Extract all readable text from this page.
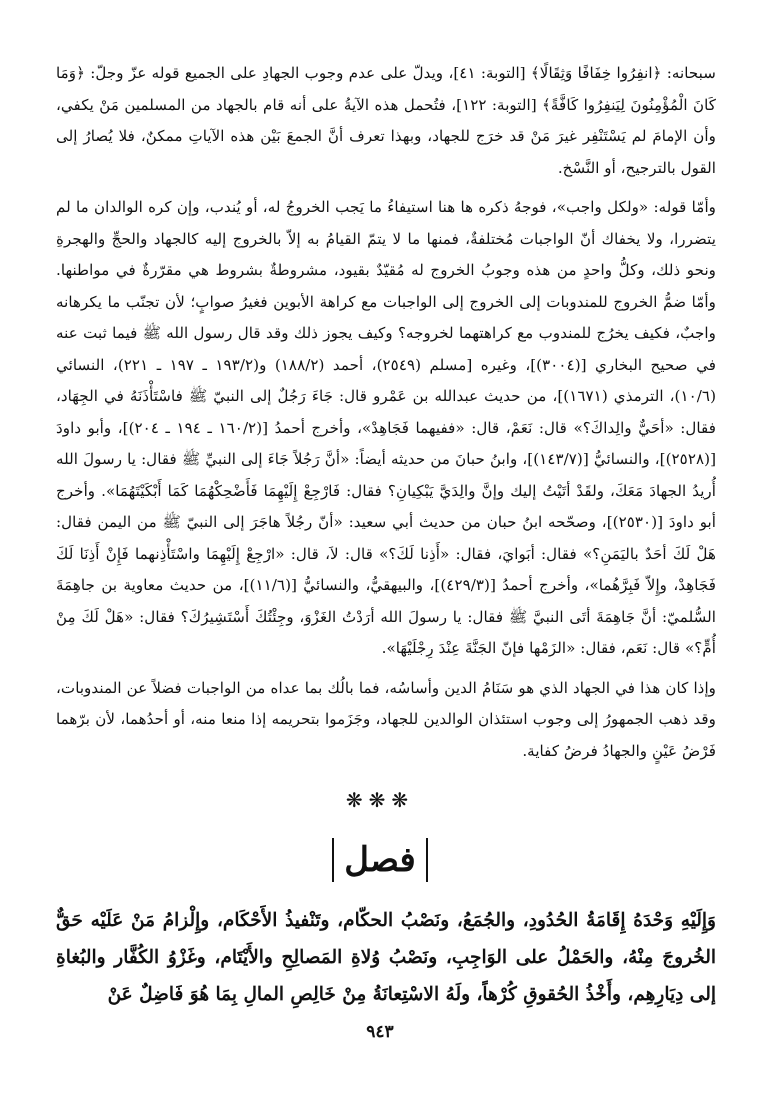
سبحانه: ﴿انفِرُوا خِفَافًا وَثِقَالًا﴾ [التوبة: ٤١]، ويدلّ على عدم وجوب الجهادِ على الجميع قوله عزّ وجلّ: ﴿وَمَا كَانَ الْمُؤْمِنُونَ لِيَنفِرُوا كَافَّةً﴾ [التوبة: ١٢٢]، فتُحمل هذه الآيةُ على أنه قام بالجهاد من المسلمين مَنْ يكفي، وأن الإمامَ لم يَسْتَنْفِر غيرَ مَنْ قد خرَج للجهاد، وبهذا تعرف أنَّ الجمعَ بَيْن هذه الآياتِ ممكنٌ، فلا يُصارُ إلى القول بالترجيح، أو النَّسْخ.

وأمّا قوله: «ولكل واجب»، فوجهُ ذكره ها هنا استيفاءُ ما يَجب الخروجُ له، أو يُندب، وإن كره الوالدان ما لم يتضررا، ولا يخفاك أنّ الواجبات مُختلفةٌ، فمنها ما لا يتمّ القيامُ به إلاّ بالخروج إليه كالجهاد والحجِّ والهجرةِ ونحو ذلك، وكلُّ واحدٍ من هذه وجوبُ الخروج له مُقيّدٌ بقيود، مشروطةٌ بشروط هي مقرّرةٌ في مواطنها. وأمّا ضمُّ الخروج للمندوبات إلى الخروج إلى الواجبات مع كراهة الأبوين فغيرُ صوابٍ؛ لأن تجنّب ما يكرهانه واجبٌ، فكيف يخرُج للمندوب مع كراهتهما لخروجه؟ وكيف يجوز ذلك وقد قال رسول الله ﷺ فيما ثبت عنه في صحيح البخاري [(٣٠٠٤)]، وغيره [مسلم (٢٥٤٩)، أحمد (١٨٨/٢) و(١٩٣/٢ ـ ١٩٧ ـ ٢٢١)، النسائي (١٠/٦)، الترمذي (١٦٧١)]، من حديث عبدالله بن عَمْرو قال: جَاءَ رَجُلٌ إلى النبيّ ﷺ فاسْتَأْذَنَهُ في الجِهَاد، فقال: «أحَيٌّ والِداكَ؟» قال: نَعَمْ، قال: «ففيهما فَجَاهِدْ»، وأخرج أحمدُ [(١٦٠/٢ ـ ١٩٤ ـ ٢٠٤)]، وأبو داودَ [(٢٥٢٨)]، والنسائيُّ [(١٤٣/٧)]، وابنُ حبانَ من حديثه أيضاً: «أنَّ رَجُلاً جَاءَ إلى النبيِّ ﷺ فقال: يا رسولَ الله أُريدُ الجهادَ مَعَكَ، ولقَدْ أتَيْتُ إليك وإنَّ والِدَيَّ يَبْكِيانِ؟ فقال: فَارْجِعْ إِلَيْهِمَا فَأَضْحِكْهُمَا كَمَا أَبْكَيْتَهُمَا». وأخرج أبو داودَ [(٢٥٣٠)]، وصحّحه ابنُ حبان من حديث أبي سعيد: «أنّ رجُلاً هاجَرَ إلى النبيّ ﷺ من اليمن فقال: هَلْ لَكَ أحَدٌ باليَمَنِ؟» فقال: أبَوايَ، فقال: «أَذِنا لَكَ؟» قال: لاَ، قال: «ارْجِعْ إِلَيْهِمَا واسْتَأْذِنهما فَإِنْ أَذِنَا لَكَ فَجَاهِدْ، وإِلاّ فَبِرَّهُما»، وأخرج أحمدُ [(٤٢٩/٣)]، والبيهقيُّ، والنسائيُّ [(١١/٦)]، من حديث معاوية بن جاهِمَةَ السُّلميّ: أنَّ جَاهِمَةَ أتَى النبيَّ ﷺ فقال: يا رسولَ الله أرَدْتُ الغَزْوَ، وجِئْتُكَ أَسْتَشِيرُكَ؟ فقال: «هَلْ لَكَ مِنْ أُمٍّ؟» قال: نَعَم، فقال: «الزَمْها فإنّ الجَنَّةَ عِنْدَ رِجْلَيْهَا».

وإذا كان هذا في الجهاد الذي هو سَنَامُ الدين وأساسُه، فما بالُك بما عداه من الواجبات فضلاً عن المندوبات، وقد ذهب الجمهورُ إلى وجوب استئذان الوالدين للجهاد، وجَزَموا بتحريمه إذا منعا منه، أو أحدُهما، لأن برّهما فَرْضُ عَيْنٍ والجهادُ فرضُ كفاية.

❋❋❋
فصل

وَإِلَيْهِ وَحْدَهُ إِقَامَةُ الحُدُودِ، والجُمَعُ، ونَصْبُ الحكّام، وتَنْفيذُ الأَحْكَام، وإِلْزامُ مَنْ عَلَيْه حَقٌّ الخُروجَ مِنْهُ، والحَمْلُ على الوَاجِبِ، ونَصْبُ وُلاةِ المَصالِحِ والأَيْتَام، وغَزْوُ الكُفَّار والبُغاةِ إلى دِيَارِهِم، وأَخْذُ الحُقوقِ كُرْهاً، ولَهُ الاسْتِعانَةُ مِنْ خَالِصِ المالِ بِمَا هُوَ فَاضِلٌ عَنْ

٩٤٣
